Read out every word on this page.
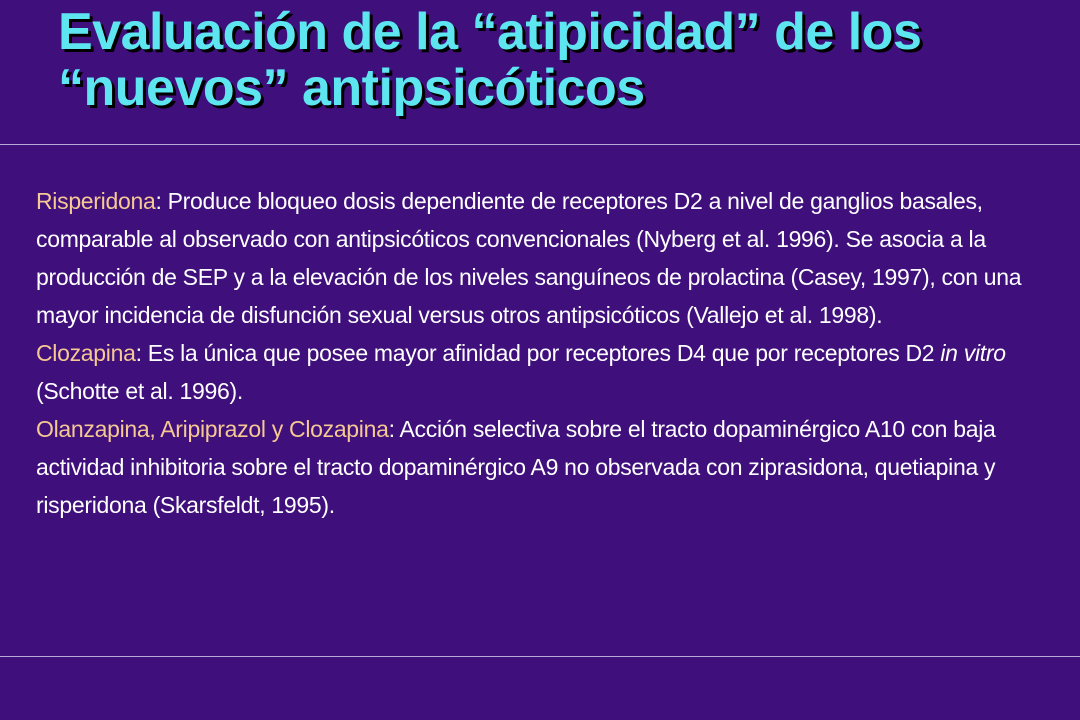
Evaluación de la “atipicidad” de los
“nuevos” antipsicóticos
Risperidona: Produce bloqueo dosis dependiente de receptores D2 a nivel de ganglios basales, comparable al observado con antipsicóticos convencionales (Nyberg et al. 1996). Se asocia a la producción de SEP y a la elevación de los niveles sanguíneos de prolactina (Casey, 1997), con una mayor incidencia de disfunción sexual versus otros antipsicóticos (Vallejo et al. 1998).
Clozapina: Es la única que posee mayor afinidad por receptores D4 que por receptores D2 in vitro (Schotte et al. 1996).
Olanzapina, Aripiprazol y Clozapina: Acción selectiva sobre el tracto dopaminérgico A10 con baja actividad inhibitoria sobre el tracto dopaminérgico A9 no observada con ziprasidona, quetiapina y risperidona (Skarsfeldt, 1995).
